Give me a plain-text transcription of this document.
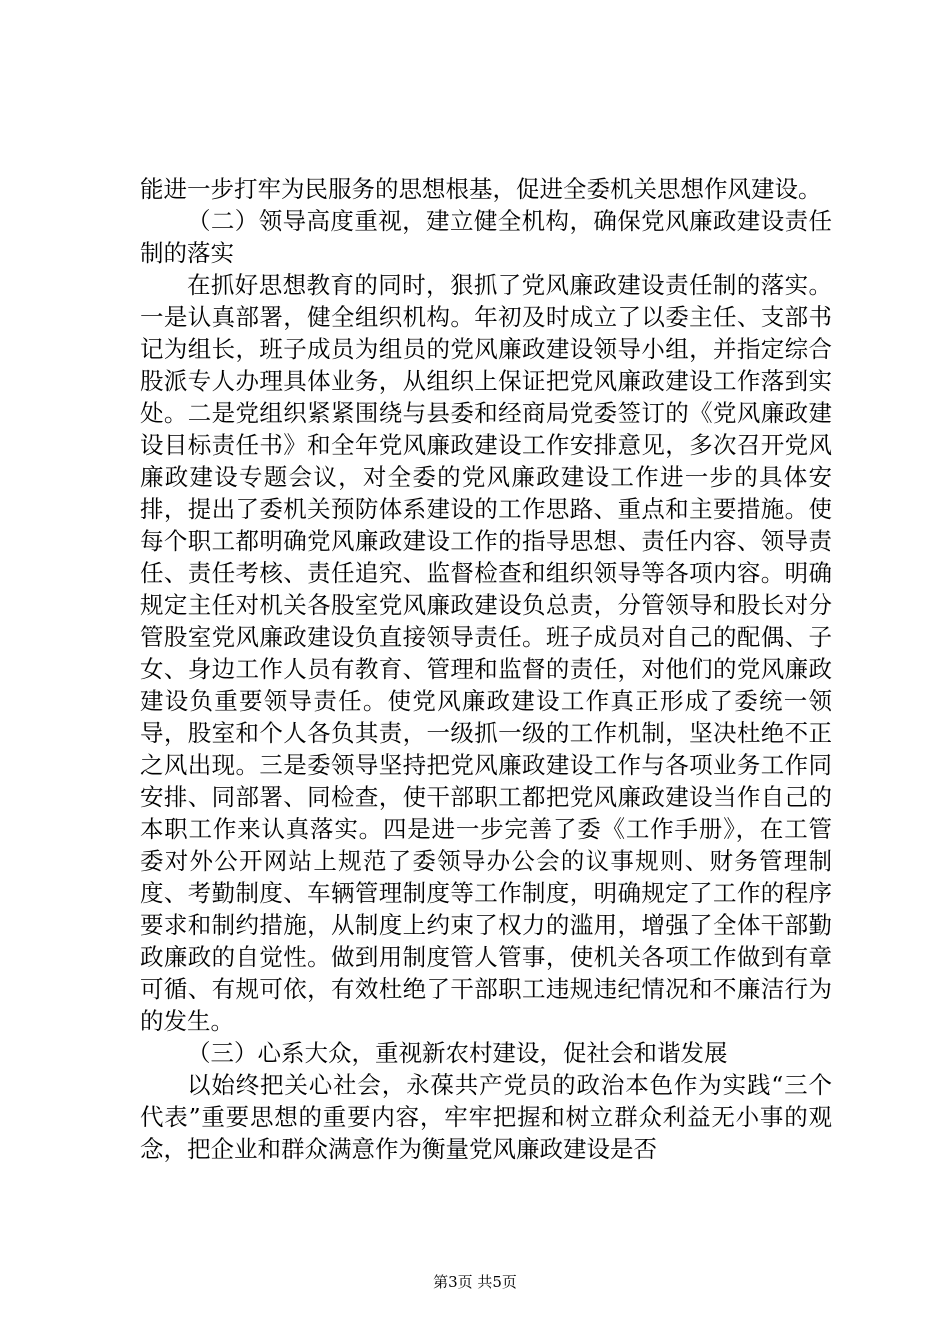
能进一步打牢为民服务的思想根基，促进全委机关思想作风建设。

（二）领导高度重视，建立健全机构，确保党风廉政建设责任制的落实

在抓好思想教育的同时，狠抓了党风廉政建设责任制的落实。一是认真部署，健全组织机构。年初及时成立了以委主任、支部书记为组长，班子成员为组员的党风廉政建设领导小组，并指定综合股派专人办理具体业务，从组织上保证把党风廉政建设工作落到实处。二是党组织紧紧围绕与县委和经商局党委签订的《党风廉政建设目标责任书》和全年党风廉政建设工作安排意见，多次召开党风廉政建设专题会议，对全委的党风廉政建设工作进一步的具体安排，提出了委机关预防体系建设的工作思路、重点和主要措施。使每个职工都明确党风廉政建设工作的指导思想、责任内容、领导责任、责任考核、责任追究、监督检查和组织领导等各项内容。明确规定主任对机关各股室党风廉政建设负总责，分管领导和股长对分管股室党风廉政建设负直接领导责任。班子成员对自己的配偶、子女、身边工作人员有教育、管理和监督的责任，对他们的党风廉政建设负重要领导责任。使党风廉政建设工作真正形成了委统一领导，股室和个人各负其责，一级抓一级的工作机制，坚决杜绝不正之风出现。三是委领导坚持把党风廉政建设工作与各项业务工作同安排、同部署、同检查，使干部职工都把党风廉政建设当作自己的本职工作来认真落实。四是进一步完善了委《工作手册》，在工管委对外公开网站上规范了委领导办公会的议事规则、财务管理制度、考勤制度、车辆管理制度等工作制度，明确规定了工作的程序要求和制约措施，从制度上约束了权力的滥用，增强了全体干部勤政廉政的自觉性。做到用制度管人管事，使机关各项工作做到有章可循、有规可依，有效杜绝了干部职工违规违纪情况和不廉洁行为的发生。

（三）心系大众，重视新农村建设，促社会和谐发展

以始终把关心社会，永葆共产党员的政治本色作为实践“三个代表”重要思想的重要内容，牢牢把握和树立群众利益无小事的观念，把企业和群众满意作为衡量党风廉政建设是否

第3页 共5页
